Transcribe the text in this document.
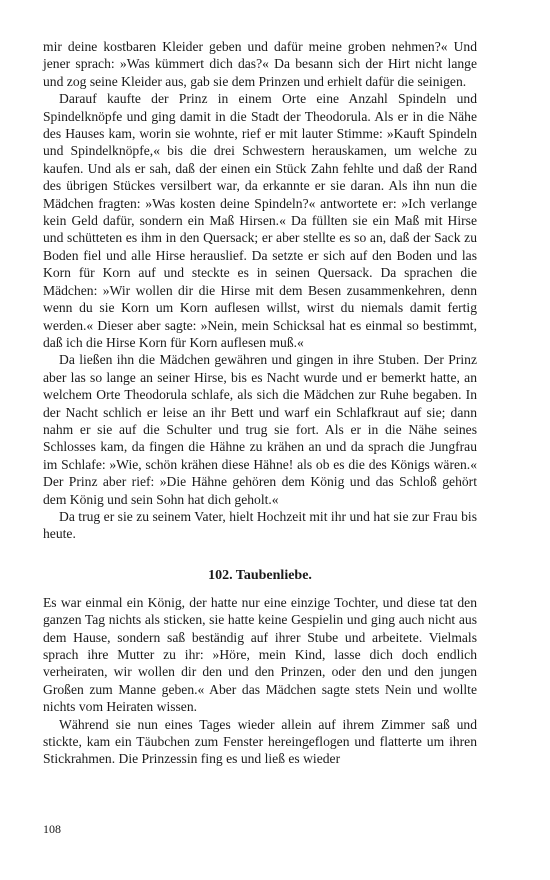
mir deine kostbaren Kleider geben und dafür meine groben nehmen?« Und jener sprach: »Was kümmert dich das?« Da besann sich der Hirt nicht lange und zog seine Kleider aus, gab sie dem Prinzen und erhielt dafür die seinigen.

Darauf kaufte der Prinz in einem Orte eine Anzahl Spindeln und Spindelknöpfe und ging damit in die Stadt der Theodorula. Als er in die Nähe des Hauses kam, worin sie wohnte, rief er mit lauter Stimme: »Kauft Spindeln und Spindelknöpfe,« bis die drei Schwestern herauskamen, um welche zu kaufen. Und als er sah, daß der einen ein Stück Zahn fehlte und daß der Rand des übrigen Stückes versilbert war, da erkannte er sie daran. Als ihn nun die Mädchen fragten: »Was kosten deine Spindeln?« antwortete er: »Ich verlange kein Geld dafür, sondern ein Maß Hirsen.« Da füllten sie ein Maß mit Hirse und schütteten es ihm in den Quersack; er aber stellte es so an, daß der Sack zu Boden fiel und alle Hirse herauslief. Da setzte er sich auf den Boden und las Korn für Korn auf und steckte es in seinen Quersack. Da sprachen die Mädchen: »Wir wollen dir die Hirse mit dem Besen zusammenkehren, denn wenn du sie Korn um Korn auflesen willst, wirst du niemals damit fertig werden.« Dieser aber sagte: »Nein, mein Schicksal hat es einmal so bestimmt, daß ich die Hirse Korn für Korn auflesen muß.«

Da ließen ihn die Mädchen gewähren und gingen in ihre Stuben. Der Prinz aber las so lange an seiner Hirse, bis es Nacht wurde und er bemerkt hatte, an welchem Orte Theodorula schlafe, als sich die Mädchen zur Ruhe begaben. In der Nacht schlich er leise an ihr Bett und warf ein Schlafkraut auf sie; dann nahm er sie auf die Schulter und trug sie fort. Als er in die Nähe seines Schlosses kam, da fingen die Hähne zu krähen an und da sprach die Jungfrau im Schlafe: »Wie, schön krähen diese Hähne! als ob es die des Königs wären.« Der Prinz aber rief: »Die Hähne gehören dem König und das Schloß gehört dem König und sein Sohn hat dich geholt.«

Da trug er sie zu seinem Vater, hielt Hochzeit mit ihr und hat sie zur Frau bis heute.

102. Taubenliebe.

Es war einmal ein König, der hatte nur eine einzige Tochter, und diese tat den ganzen Tag nichts als sticken, sie hatte keine Gespielin und ging auch nicht aus dem Hause, sondern saß beständig auf ihrer Stube und arbeitete. Vielmals sprach ihre Mutter zu ihr: »Höre, mein Kind, lasse dich doch endlich verheiraten, wir wollen dir den und den Prinzen, oder den und den jungen Großen zum Manne geben.« Aber das Mädchen sagte stets Nein und wollte nichts vom Heiraten wissen.

Während sie nun eines Tages wieder allein auf ihrem Zimmer saß und stickte, kam ein Täubchen zum Fenster hereingeflogen und flatterte um ihren Stickrahmen. Die Prinzessin fing es und ließ es wieder

108
